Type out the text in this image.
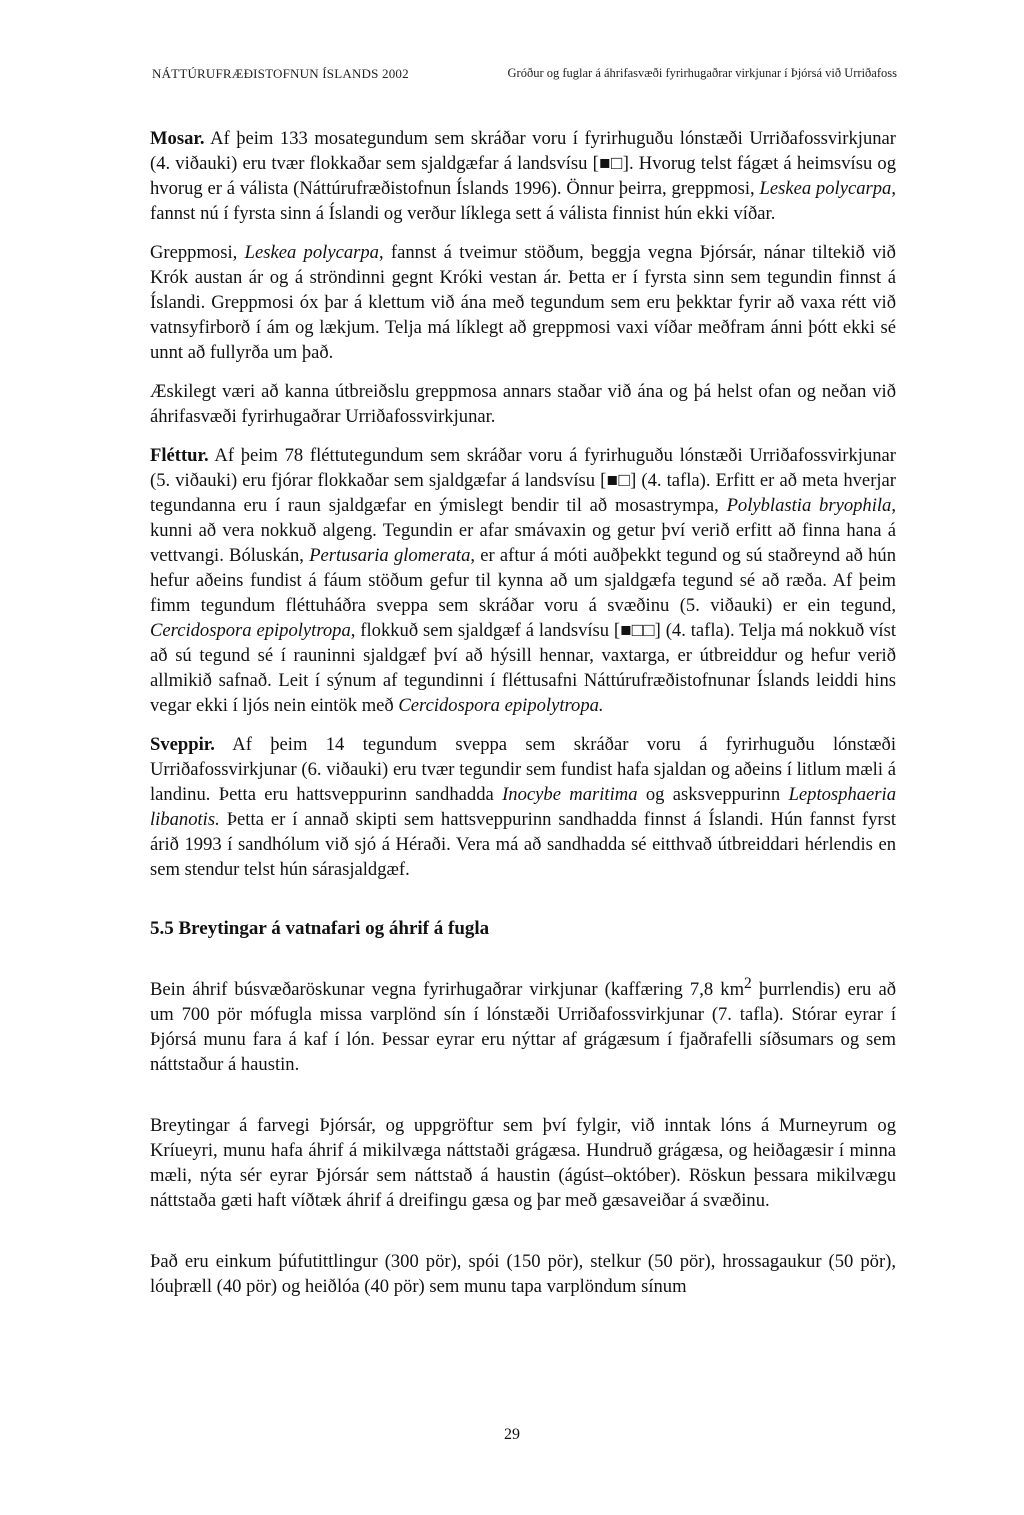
NÁTTÚRUFRÆÐISTOFNUN ÍSLANDS 2002	Gróður og fuglar á áhrifasvæði fyrirhugaðrar virkjunar í Þjórsá við Urriðafoss

Mosar. Af þeim 133 mosategundum sem skráðar voru í fyrirhuguðu lónstæði Urriðafossvirkjunar (4. viðauki) eru tvær flokkaðar sem sjaldgæfar á landsvísu [■□]. Hvorug telst fágæt á heimsvísu og hvorug er á válista (Náttúrufræðistofnun Íslands 1996). Önnur þeirra, greppmosi, Leskea polycarpa, fannst nú í fyrsta sinn á Íslandi og verður líklega sett á válista finnist hún ekki víðar.

Greppmosi, Leskea polycarpa, fannst á tveimur stöðum, beggja vegna Þjórsár, nánar tiltekið við Krók austan ár og á ströndinni gegnt Króki vestan ár. Þetta er í fyrsta sinn sem tegundin finnst á Íslandi. Greppmosi óx þar á klettum við ána með tegundum sem eru þekktar fyrir að vaxa rétt við vatnsyfirborð í ám og lækjum. Telja má líklegt að greppmosi vaxi víðar meðfram ánni þótt ekki sé unnt að fullyrða um það.

Æskilegt væri að kanna útbreiðslu greppmosa annars staðar við ána og þá helst ofan og neðan við áhrifasvæði fyrirhugaðrar Urriðafossvirkjunar.

Fléttur. Af þeim 78 fléttutegundum sem skráðar voru á fyrirhuguðu lónstæði Urriðafossvirkjunar (5. viðauki) eru fjórar flokkaðar sem sjaldgæfar á landsvísu [■□] (4. tafla). Erfitt er að meta hverjar tegundanna eru í raun sjaldgæfar en ýmislegt bendir til að mosastrympa, Polyblastia bryophila, kunni að vera nokkuð algeng. Tegundin er afar smávaxin og getur því verið erfitt að finna hana á vettvangi. Bóluskán, Pertusaria glomerata, er aftur á móti auðþekkt tegund og sú staðreynd að hún hefur aðeins fundist á fáum stöðum gefur til kynna að um sjaldgæfa tegund sé að ræða. Af þeim fimm tegundum fléttuháðra sveppa sem skráðar voru á svæðinu (5. viðauki) er ein tegund, Cercidospora epipolytropa, flokkuð sem sjaldgæf á landsvísu [■□□] (4. tafla). Telja má nokkuð víst að sú tegund sé í rauninni sjaldgæf því að hýsill hennar, vaxtarga, er útbreiddur og hefur verið allmikið safnað. Leit í sýnum af tegundinni í fléttusafni Náttúrufræðistofnunar Íslands leiddi hins vegar ekki í ljós nein eintök með Cercidospora epipolytropa.

Sveppir. Af þeim 14 tegundum sveppa sem skráðar voru á fyrirhuguðu lónstæði Urriðafossvirkjunar (6. viðauki) eru tvær tegundir sem fundist hafa sjaldan og aðeins í litlum mæli á landinu. Þetta eru hattsveppurinn sandhadda Inocybe maritima og asksveppurinn Leptosphaeria libanotis. Þetta er í annað skipti sem hattsveppurinn sandhadda finnst á Íslandi. Hún fannst fyrst árið 1993 í sandhólum við sjó á Héraði. Vera má að sandhadda sé eitthvað útbreiddari hérlendis en sem stendur telst hún sárasjaldgæf.

5.5 Breytingar á vatnafari og áhrif á fugla

Bein áhrif búsvæðaröskunar vegna fyrirhugaðrar virkjunar (kaffæring 7,8 $km^2$ þurrlendis) eru að um 700 pör mófugla missa varplönd sín í lónstæði Urriðafossvirkjunar (7. tafla). Stórar eyrar í Þjórsá munu fara á kaf í lón. Þessar eyrar eru nýttar af grágæsum í fjaðrafelli síðsumars og sem náttstaður á haustin.

Breytingar á farvegi Þjórsár, og uppgröftur sem því fylgir, við inntak lóns á Murneyrum og Kríueyri, munu hafa áhrif á mikilvæga náttstaði grágæsa. Hundruð grágæsa, og heiðagæsir í minna mæli, nýta sér eyrar Þjórsár sem náttstað á haustin (ágúst–október). Röskun þessara mikilvægu náttstaða gæti haft víðtæk áhrif á dreifingu gæsa og þar með gæsaveiðar á svæðinu.

Það eru einkum þúfutittlingur (300 pör), spói (150 pör), stelkur (50 pör), hrossagaukur (50 pör), lóuþræll (40 pör) og heiðlóa (40 pör) sem munu tapa varplöndum sínum

29
